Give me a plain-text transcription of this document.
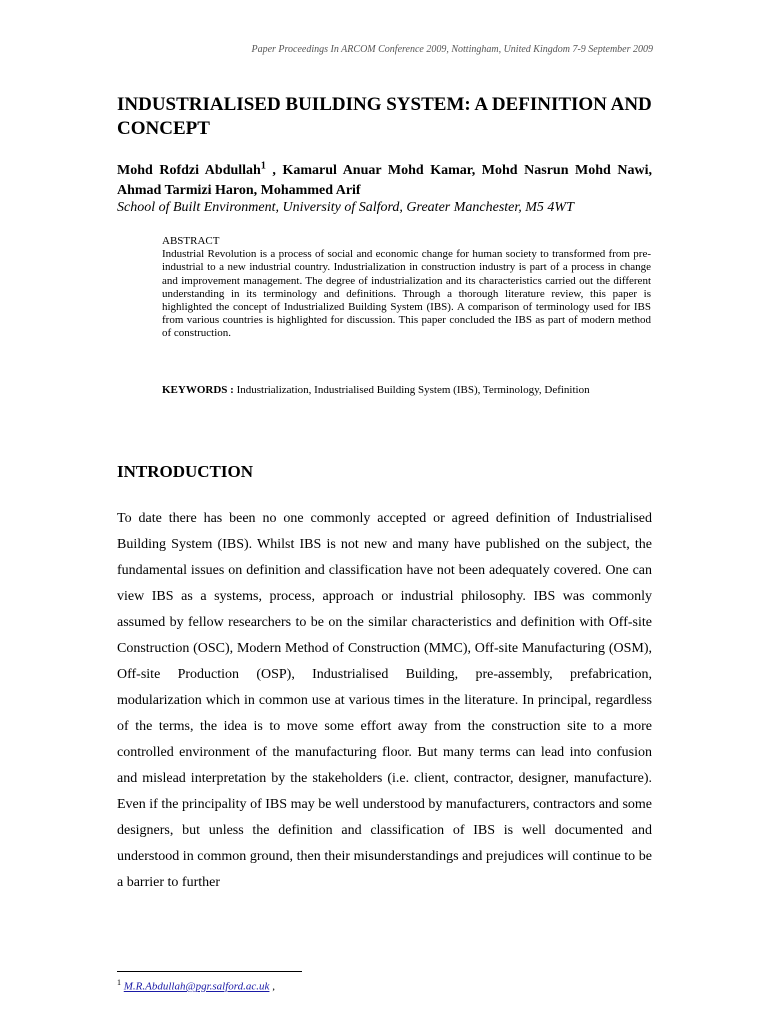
Paper Proceedings In ARCOM Conference 2009, Nottingham, United Kingdom 7-9 September 2009
INDUSTRIALISED BUILDING SYSTEM: A DEFINITION AND CONCEPT
Mohd Rofdzi Abdullah$^1$ , Kamarul Anuar Mohd Kamar, Mohd Nasrun Mohd Nawi, Ahmad Tarmizi Haron, Mohammed Arif
School of Built Environment, University of Salford, Greater Manchester, M5 4WT

ABSTRACT

Industrial Revolution is a process of social and economic change for human society to transformed from pre-industrial to a new industrial country. Industrialization in construction industry is part of a process in change and improvement management. The degree of industrialization and its characteristics carried out the different understanding in its terminology and definitions. Through a thorough literature review, this paper is highlighted the concept of Industrialized Building System (IBS). A comparison of terminology used for IBS from various countries is highlighted for discussion. This paper concluded the IBS as part of modern method of construction.

KEYWORDS : Industrialization, Industrialised Building System (IBS), Terminology, Definition
INTRODUCTION

To date there has been no one commonly accepted or agreed definition of Industrialised Building System (IBS). Whilst IBS is not new and many have published on the subject, the fundamental issues on definition and classification have not been adequately covered. One can view IBS as a systems, process, approach or industrial philosophy. IBS was commonly assumed by fellow researchers to be on the similar characteristics and definition with Off-site Construction (OSC), Modern Method of Construction (MMC), Off-site Manufacturing (OSM), Off-site Production (OSP), Industrialised Building, pre-assembly, prefabrication, modularization which in common use at various times in the literature. In principal, regardless of the terms, the idea is to move some effort away from the construction site to a more controlled environment of the manufacturing floor. But many terms can lead into confusion and mislead interpretation by the stakeholders (i.e. client, contractor, designer, manufacture). Even if the principality of IBS may be well understood by manufacturers, contractors and some designers, but unless the definition and classification of IBS is well documented and understood in common ground, then their misunderstandings and prejudices will continue to be a barrier to further

$^1$ M.R.Abdullah@pgr.salford.ac.uk ,
